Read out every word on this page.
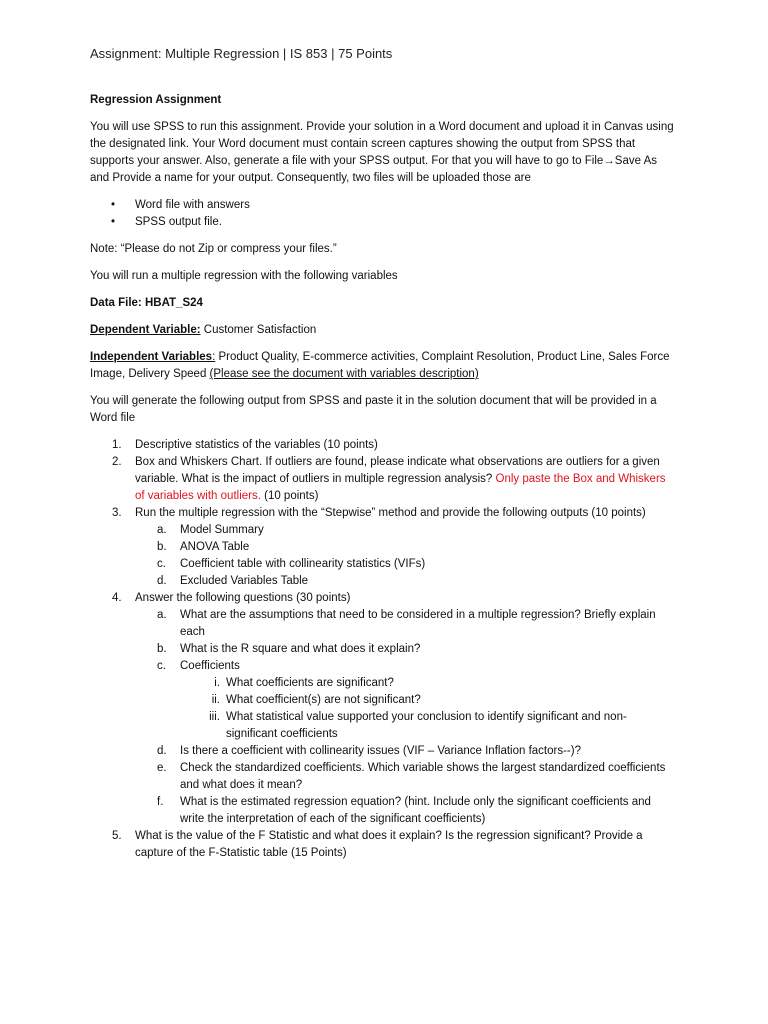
Assignment: Multiple Regression | IS 853 | 75 Points

Regression Assignment

You will use SPSS to run this assignment. Provide your solution in a Word document and upload it in Canvas using the designated link. Your Word document must contain screen captures showing the output from SPSS that supports your answer. Also, generate a file with your SPSS output. For that you will have to go to File→Save As and Provide a name for your output. Consequently, two files will be uploaded those are

• Word file with answers
• SPSS output file.

Note: “Please do not Zip or compress your files.”

You will run a multiple regression with the following variables

Data File: HBAT_S24

Dependent Variable: Customer Satisfaction

Independent Variables: Product Quality, E-commerce activities, Complaint Resolution, Product Line, Sales Force Image, Delivery Speed (Please see the document with variables description)

You will generate the following output from SPSS and paste it in the solution document that will be provided in a Word file

1. Descriptive statistics of the variables (10 points)
2. Box and Whiskers Chart. If outliers are found, please indicate what observations are outliers for a given variable. What is the impact of outliers in multiple regression analysis? Only paste the Box and Whiskers of variables with outliers. (10 points)
3. Run the multiple regression with the “Stepwise” method and provide the following outputs (10 points)
a. Model Summary
b. ANOVA Table
c. Coefficient table with collinearity statistics (VIFs)
d. Excluded Variables Table
4. Answer the following questions (30 points)
a. What are the assumptions that need to be considered in a multiple regression? Briefly explain each
b. What is the R square and what does it explain?
c. Coefficients
i. What coefficients are significant?
ii. What coefficient(s) are not significant?
iii. What statistical value supported your conclusion to identify significant and non-significant coefficients
d. Is there a coefficient with collinearity issues (VIF – Variance Inflation factors--)?
e. Check the standardized coefficients. Which variable shows the largest standardized coefficients and what does it mean?
f. What is the estimated regression equation? (hint. Include only the significant coefficients and write the interpretation of each of the significant coefficients)
5. What is the value of the F Statistic and what does it explain? Is the regression significant? Provide a capture of the F-Statistic table (15 Points)
